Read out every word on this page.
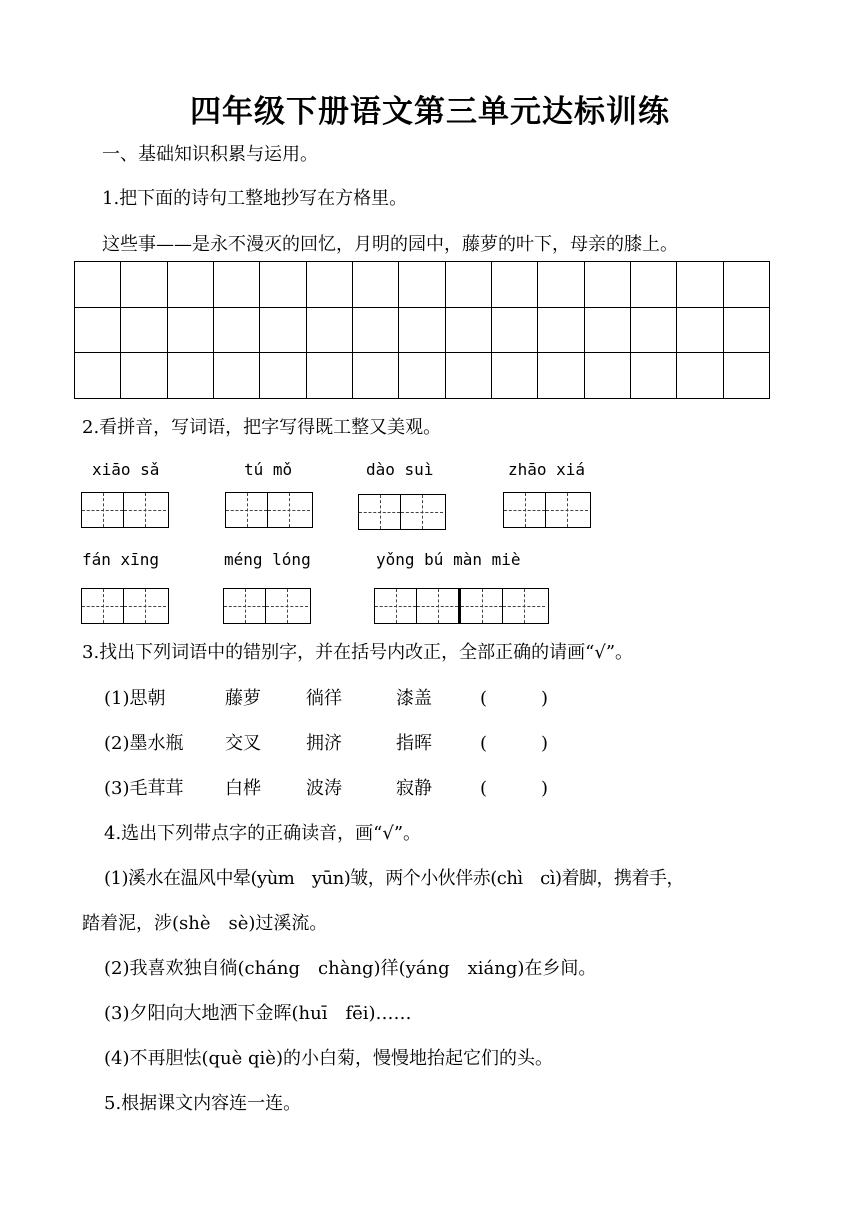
四年级下册语文第三单元达标训练
一、基础知识积累与运用。
1.把下面的诗句工整地抄写在方格里。
这些事——是永不漫灭的回忆，月明的园中，藤萝的叶下，母亲的膝上。

2.看拼音，写词语，把字写得既工整又美观。
xiāo sǎ	tú mǒ	dào suì	zhāo xiá
fán xīng	méng lóng	yǒng bú màn miè
3.找出下列词语中的错别字，并在括号内改正，全部正确的请画“√”。
(1)思朝	藤萝	徜徉	漆盖	(　　　)
(2)墨水瓶 交叉	拥济	指晖	(　　　)
(3)毛茸茸 白桦	波涛	寂静	(　　　)
4.选出下列带点字的正确读音，画“√”。
(1)溪水在温风中晕(yùm　yūn)皱，两个小伙伴赤(chì　cì)着脚，携着手，
踏着泥，涉(shè　sè)过溪流。
(2)我喜欢独自徜(cháng　chàng)徉(yáng　xiáng)在乡间。
(3)夕阳向大地洒下金晖(huī　fēi)……
(4)不再胆怯(què qiè)的小白菊，慢慢地抬起它们的头。
5.根据课文内容连一连。
